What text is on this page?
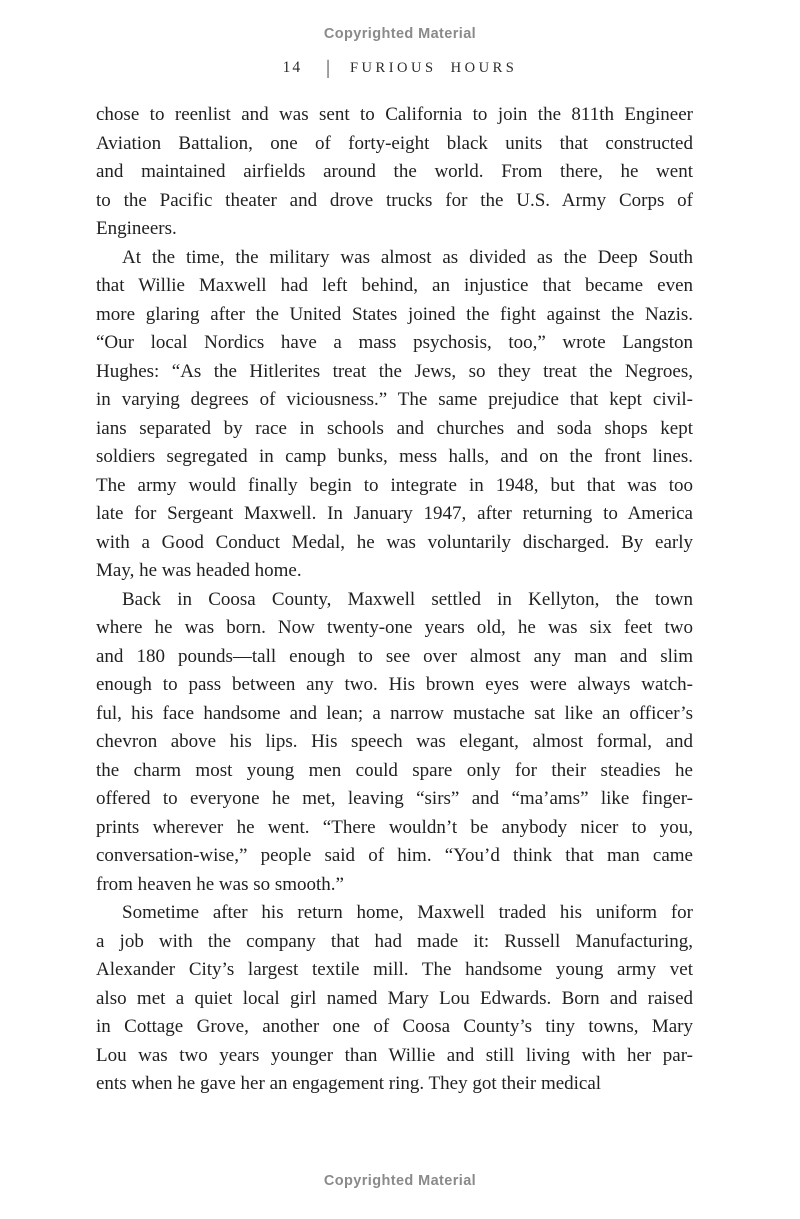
Copyrighted Material
14 | FURIOUS HOURS
chose to reenlist and was sent to California to join the 811th Engineer
Aviation Battalion, one of forty-eight black units that constructed
and maintained airfields around the world. From there, he went
to the Pacific theater and drove trucks for the U.S. Army Corps of
Engineers.
At the time, the military was almost as divided as the Deep South
that Willie Maxwell had left behind, an injustice that became even
more glaring after the United States joined the fight against the Nazis.
“Our local Nordics have a mass psychosis, too,” wrote Langston
Hughes: “As the Hitlerites treat the Jews, so they treat the Negroes,
in varying degrees of viciousness.” The same prejudice that kept civil-
ians separated by race in schools and churches and soda shops kept
soldiers segregated in camp bunks, mess halls, and on the front lines.
The army would finally begin to integrate in 1948, but that was too
late for Sergeant Maxwell. In January 1947, after returning to America
with a Good Conduct Medal, he was voluntarily discharged. By early
May, he was headed home.
Back in Coosa County, Maxwell settled in Kellyton, the town
where he was born. Now twenty-one years old, he was six feet two
and 180 pounds—tall enough to see over almost any man and slim
enough to pass between any two. His brown eyes were always watch-
ful, his face handsome and lean; a narrow mustache sat like an officer’s
chevron above his lips. His speech was elegant, almost formal, and
the charm most young men could spare only for their steadies he
offered to everyone he met, leaving “sirs” and “ma’ams” like finger-
prints wherever he went. “There wouldn’t be anybody nicer to you,
conversation-wise,” people said of him. “You’d think that man came
from heaven he was so smooth.”
Sometime after his return home, Maxwell traded his uniform for
a job with the company that had made it: Russell Manufacturing,
Alexander City’s largest textile mill. The handsome young army vet
also met a quiet local girl named Mary Lou Edwards. Born and raised
in Cottage Grove, another one of Coosa County’s tiny towns, Mary
Lou was two years younger than Willie and still living with her par-
ents when he gave her an engagement ring. They got their medical
Copyrighted Material
